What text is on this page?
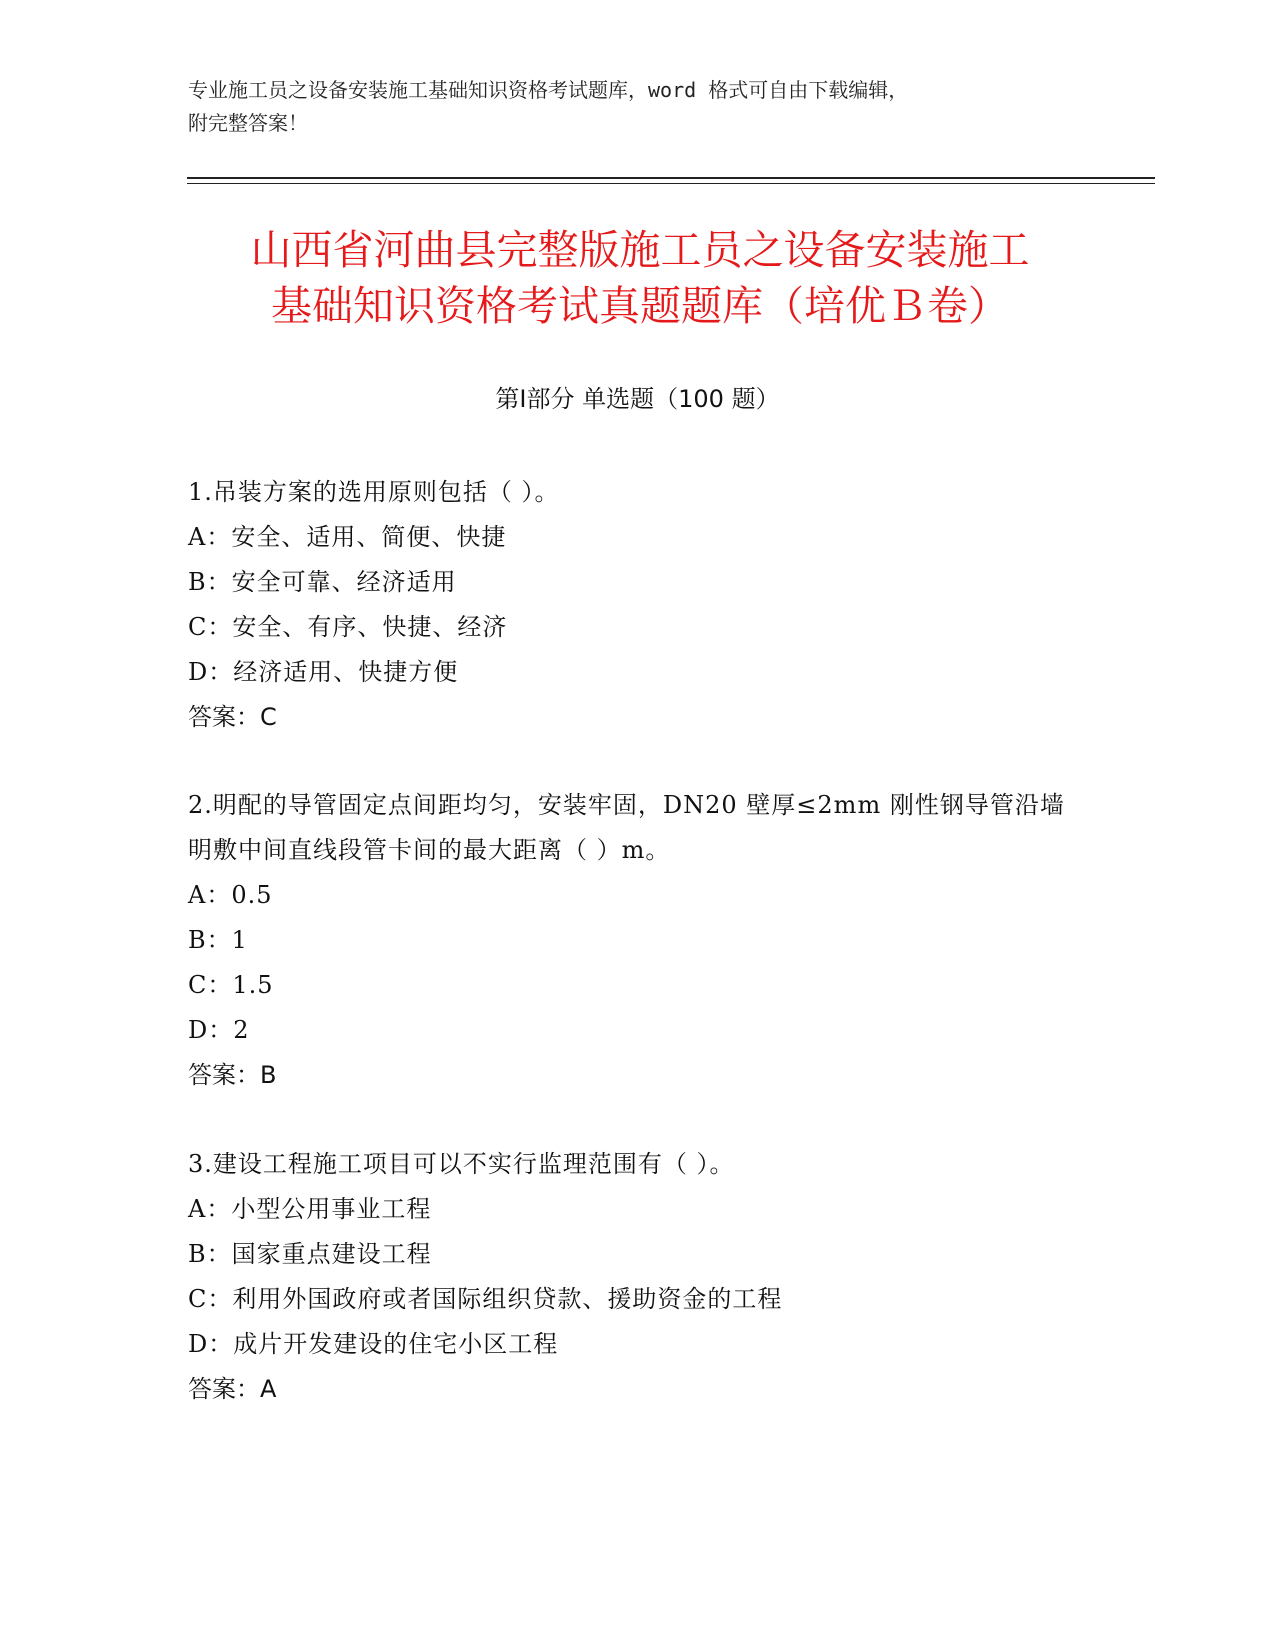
专业施工员之设备安装施工基础知识资格考试题库，word 格式可自由下载编辑，
附完整答案！
山西省河曲县完整版施工员之设备安装施工
基础知识资格考试真题题库（培优Ｂ卷）
第Ⅰ部分 单选题（100 题）
1.吊装方案的选用原则包括（ ）。
A：安全、适用、简便、快捷
B：安全可靠、经济适用
C：安全、有序、快捷、经济
D：经济适用、快捷方便
答案：C
2.明配的导管固定点间距均匀，安装牢固，DN20 壁厚≤2mm 刚性钢导管沿墙明敷中间直线段管卡间的最大距离（ ）m。
A：0.5
B：1
C：1.5
D：2
答案：B
3.建设工程施工项目可以不实行监理范围有（ ）。
A：小型公用事业工程
B：国家重点建设工程
C：利用外国政府或者国际组织贷款、援助资金的工程
D：成片开发建设的住宅小区工程
答案：A
